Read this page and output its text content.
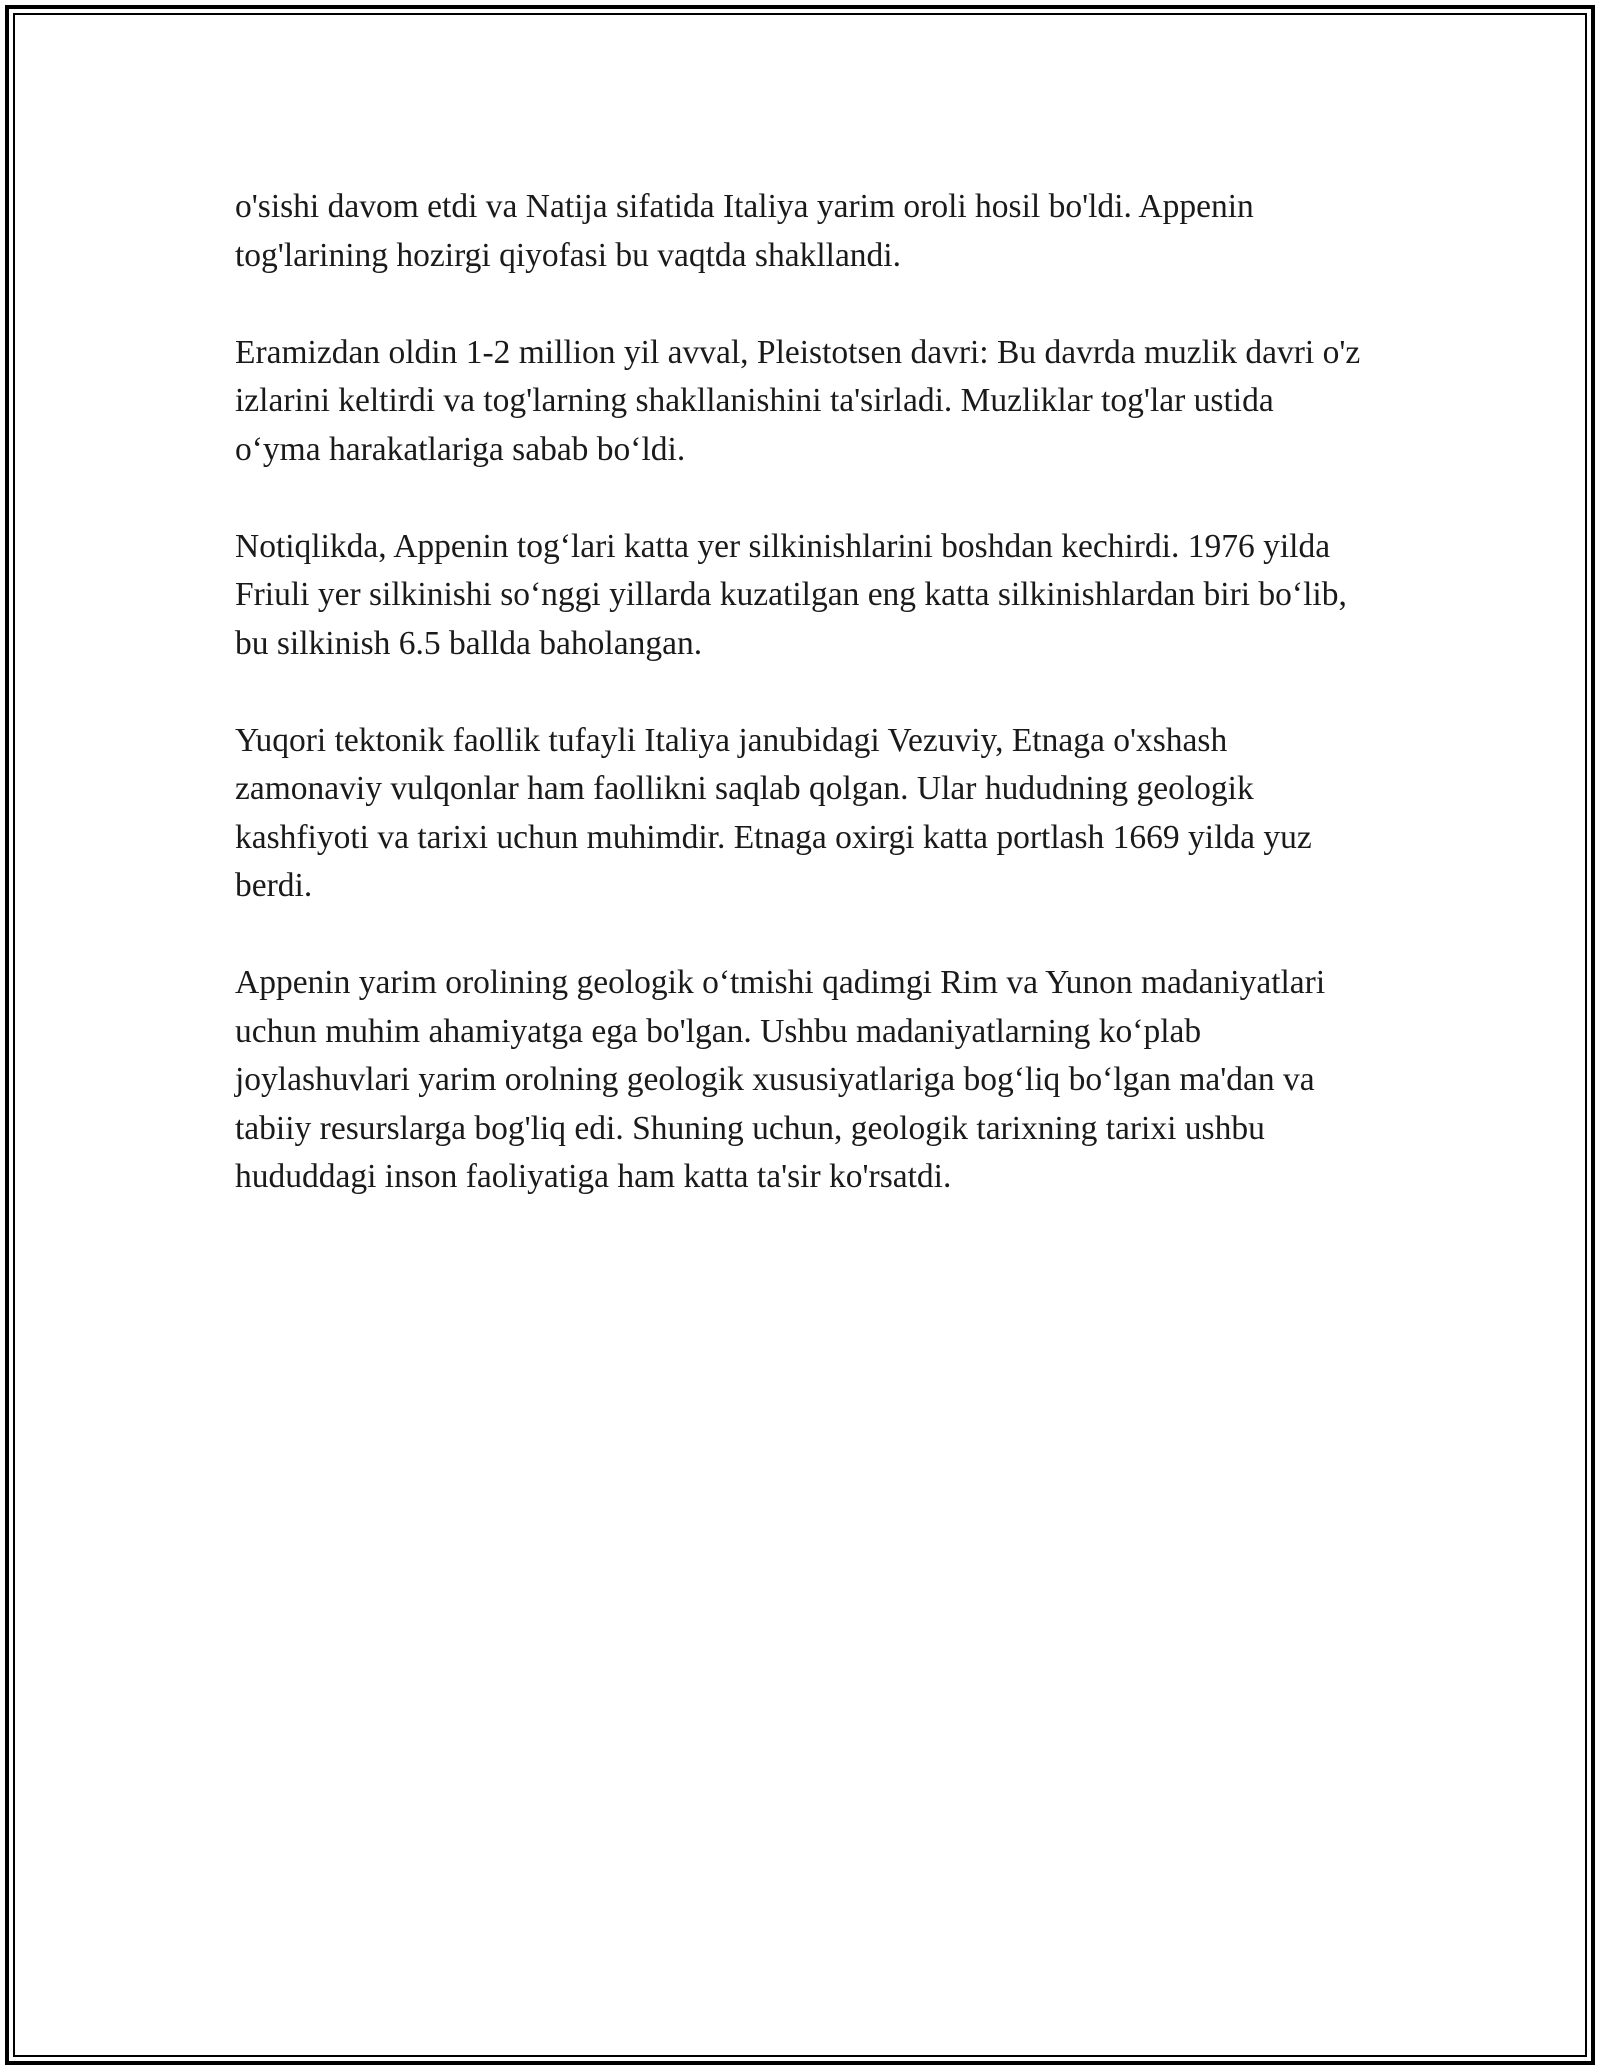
o'sishi davom etdi va Natija sifatida Italiya yarim oroli hosil bo'ldi. Appenin tog'larining hozirgi qiyofasi bu vaqtda shakllandi.

Eramizdan oldin 1-2 million yil avval, Pleistotsen davri: Bu davrda muzlik davri o'z izlarini keltirdi va tog'larning shakllanishini ta'sirladi. Muzliklar tog'lar ustida oʻyma harakatlariga sabab boʻldi.

Notiqlikda, Appenin togʻlari katta yer silkinishlarini boshdan kechirdi. 1976 yilda Friuli yer silkinishi soʻnggi yillarda kuzatilgan eng katta silkinishlardan biri boʻlib, bu silkinish 6.5 ballda baholangan.

Yuqori tektonik faollik tufayli Italiya janubidagi Vezuviy, Etnaga o'xshash zamonaviy vulqonlar ham faollikni saqlab qolgan. Ular hududning geologik kashfiyoti va tarixi uchun muhimdir. Etnaga oxirgi katta portlash 1669 yilda yuz berdi.

Appenin yarim orolining geologik oʻtmishi qadimgi Rim va Yunon madaniyatlari uchun muhim ahamiyatga ega bo'lgan. Ushbu madaniyatlarning koʻplab joylashuvlari yarim orolning geologik xususiyatlariga bogʻliq boʻlgan ma'dan va tabiiy resurslarga bog'liq edi. Shuning uchun, geologik tarixning tarixi ushbu hududdagi inson faoliyatiga ham katta ta'sir ko'rsatdi.
